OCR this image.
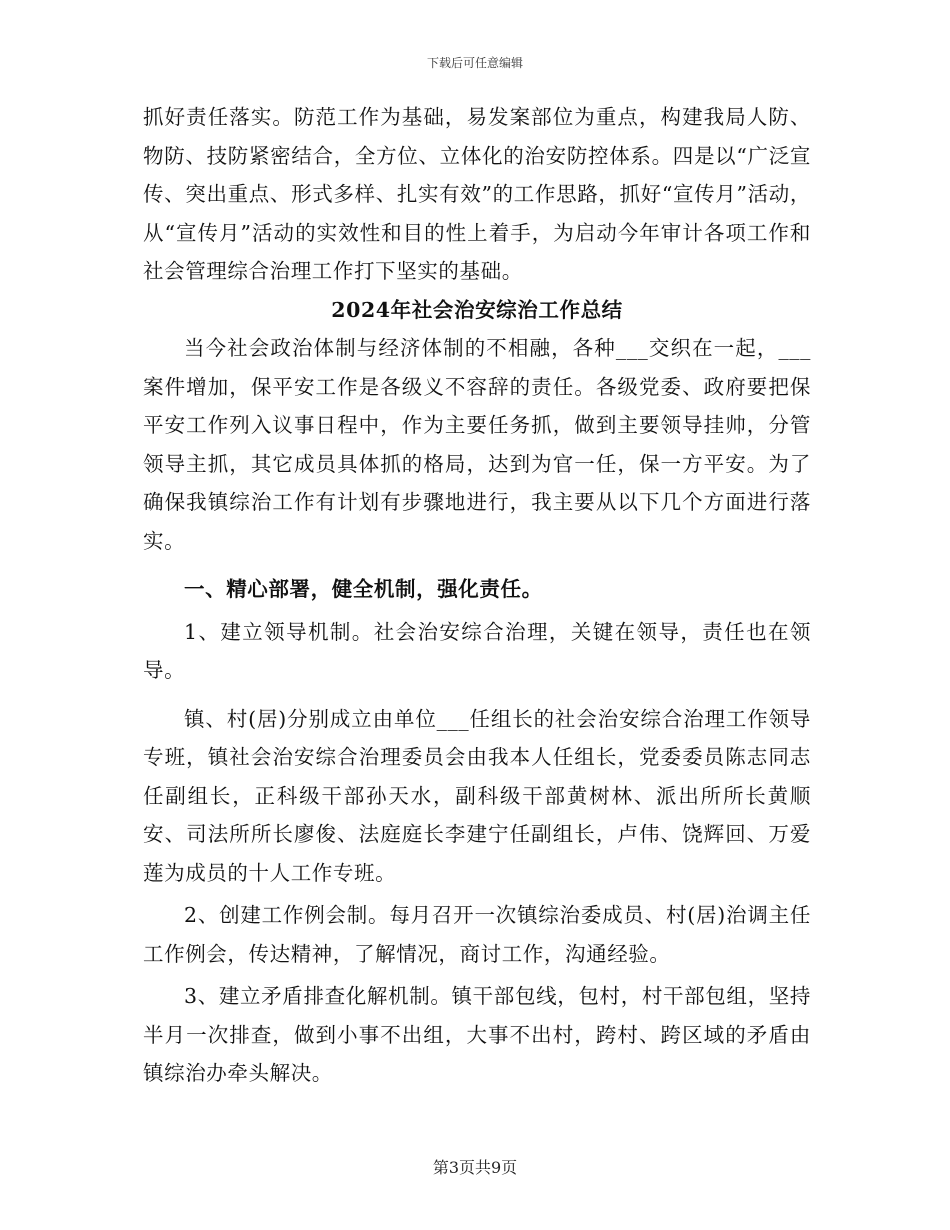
下载后可任意编辑

抓好责任落实。防范工作为基础，易发案部位为重点，构建我局人防、物防、技防紧密结合，全方位、立体化的治安防控体系。四是以“广泛宣传、突出重点、形式多样、扎实有效”的工作思路，抓好“宣传月”活动，从“宣传月”活动的实效性和目的性上着手，为启动今年审计各项工作和社会管理综合治理工作打下坚实的基础。

2024年社会治安综治工作总结

当今社会政治体制与经济体制的不相融，各种___交织在一起，___案件增加，保平安工作是各级义不容辞的责任。各级党委、政府要把保平安工作列入议事日程中，作为主要任务抓，做到主要领导挂帅，分管领导主抓，其它成员具体抓的格局，达到为官一任，保一方平安。为了确保我镇综治工作有计划有步骤地进行，我主要从以下几个方面进行落实。

一、精心部署，健全机制，强化责任。

1、建立领导机制。社会治安综合治理，关键在领导，责任也在领导。

镇、村(居)分别成立由单位___任组长的社会治安综合治理工作领导专班，镇社会治安综合治理委员会由我本人任组长，党委委员陈志同志任副组长，正科级干部孙天水，副科级干部黄树林、派出所所长黄顺安、司法所所长廖俊、法庭庭长李建宁任副组长，卢伟、饶辉回、万爱莲为成员的十人工作专班。

2、创建工作例会制。每月召开一次镇综治委成员、村(居)治调主任工作例会，传达精神，了解情况，商讨工作，沟通经验。

3、建立矛盾排查化解机制。镇干部包线，包村，村干部包组，坚持半月一次排查，做到小事不出组，大事不出村，跨村、跨区域的矛盾由镇综治办牵头解决。

第3页共9页
